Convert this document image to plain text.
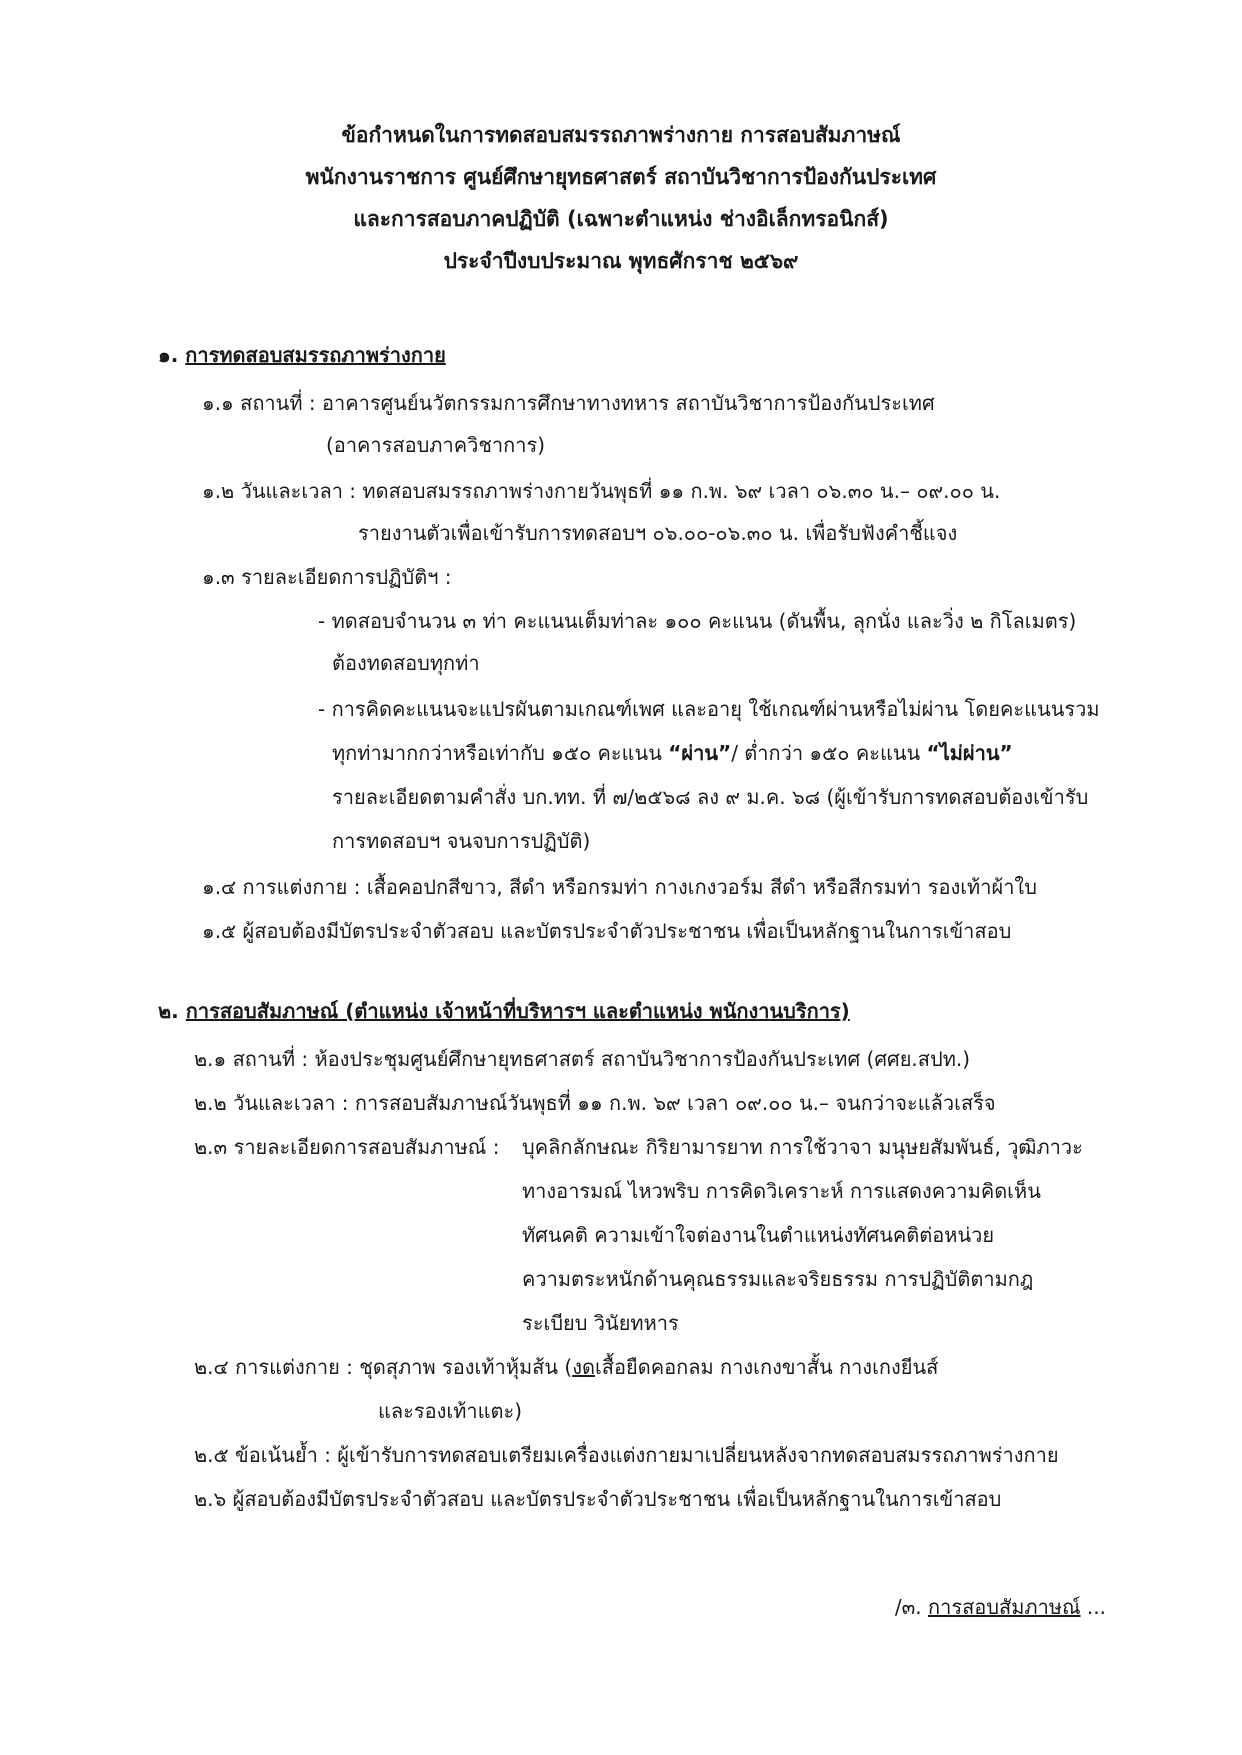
ข้อกำหนดในการทดสอบสมรรถภาพร่างกาย การสอบสัมภาษณ์
พนักงานราชการ ศูนย์ศึกษายุทธศาสตร์ สถาบันวิชาการป้องกันประเทศ
และการสอบภาคปฏิบัติ (เฉพาะตำแหน่ง ช่างอิเล็กทรอนิกส์)
ประจำปีงบประมาณ พุทธศักราช ๒๕๖๙
๑. การทดสอบสมรรถภาพร่างกาย
๑.๑ สถานที่ : อาคารศูนย์นวัตกรรมการศึกษาทางทหาร สถาบันวิชาการป้องกันประเทศ
(อาคารสอบภาควิชาการ)
๑.๒ วันและเวลา : ทดสอบสมรรถภาพร่างกายวันพุธที่ ๑๑ ก.พ. ๖๙ เวลา ๐๖.๓๐ น.– ๐๙.๐๐ น.
รายงานตัวเพื่อเข้ารับการทดสอบฯ ๐๖.๐๐-๐๖.๓๐ น. เพื่อรับฟังคำชี้แจง
๑.๓ รายละเอียดการปฏิบัติฯ :
- ทดสอบจำนวน ๓ ท่า คะแนนเต็มท่าละ ๑๐๐ คะแนน (ดันพื้น, ลุกนั่ง และวิ่ง ๒ กิโลเมตร)
ต้องทดสอบทุกท่า
- การคิดคะแนนจะแปรผันตามเกณฑ์เพศ และอายุ ใช้เกณฑ์ผ่านหรือไม่ผ่าน โดยคะแนนรวม
ทุกท่ามากกว่าหรือเท่ากับ ๑๕๐ คะแนน “ผ่าน”/ ต่ำกว่า ๑๕๐ คะแนน “ไม่ผ่าน”
รายละเอียดตามคำสั่ง บก.ทท. ที่ ๗/๒๕๖๘ ลง ๙ ม.ค. ๖๘ (ผู้เข้ารับการทดสอบต้องเข้ารับ
การทดสอบฯ จนจบการปฏิบัติ)
๑.๔ การแต่งกาย : เสื้อคอปกสีขาว, สีดำ หรือกรมท่า กางเกงวอร์ม สีดำ หรือสีกรมท่า รองเท้าผ้าใบ
๑.๕ ผู้สอบต้องมีบัตรประจำตัวสอบ และบัตรประจำตัวประชาชน เพื่อเป็นหลักฐานในการเข้าสอบ
๒. การสอบสัมภาษณ์ (ตำแหน่ง เจ้าหน้าที่บริหารฯ และตำแหน่ง พนักงานบริการ)
๒.๑ สถานที่ : ห้องประชุมศูนย์ศึกษายุทธศาสตร์ สถาบันวิชาการป้องกันประเทศ (ศศย.สปท.)
๒.๒ วันและเวลา : การสอบสัมภาษณ์วันพุธที่ ๑๑ ก.พ. ๖๙ เวลา ๐๙.๐๐ น.– จนกว่าจะแล้วเสร็จ
๒.๓ รายละเอียดการสอบสัมภาษณ์ : บุคลิกลักษณะ กิริยามารยาท การใช้วาจา มนุษยสัมพันธ์, วุฒิภาวะ
ทางอารมณ์ ไหวพริบ การคิดวิเคราะห์ การแสดงความคิดเห็น
ทัศนคติ ความเข้าใจต่องานในตำแหน่งทัศนคติต่อหน่วย
ความตระหนักด้านคุณธรรมและจริยธรรม การปฏิบัติตามกฎ
ระเบียบ วินัยทหาร
๒.๔ การแต่งกาย : ชุดสุภาพ รองเท้าหุ้มส้น (งดเสื้อยืดคอกลม กางเกงขาสั้น กางเกงยีนส์
และรองเท้าแตะ)
๒.๕ ข้อเน้นย้ำ : ผู้เข้ารับการทดสอบเตรียมเครื่องแต่งกายมาเปลี่ยนหลังจากทดสอบสมรรถภาพร่างกาย
๒.๖ ผู้สอบต้องมีบัตรประจำตัวสอบ และบัตรประจำตัวประชาชน เพื่อเป็นหลักฐานในการเข้าสอบ
/๓. การสอบสัมภาษณ์ ...
